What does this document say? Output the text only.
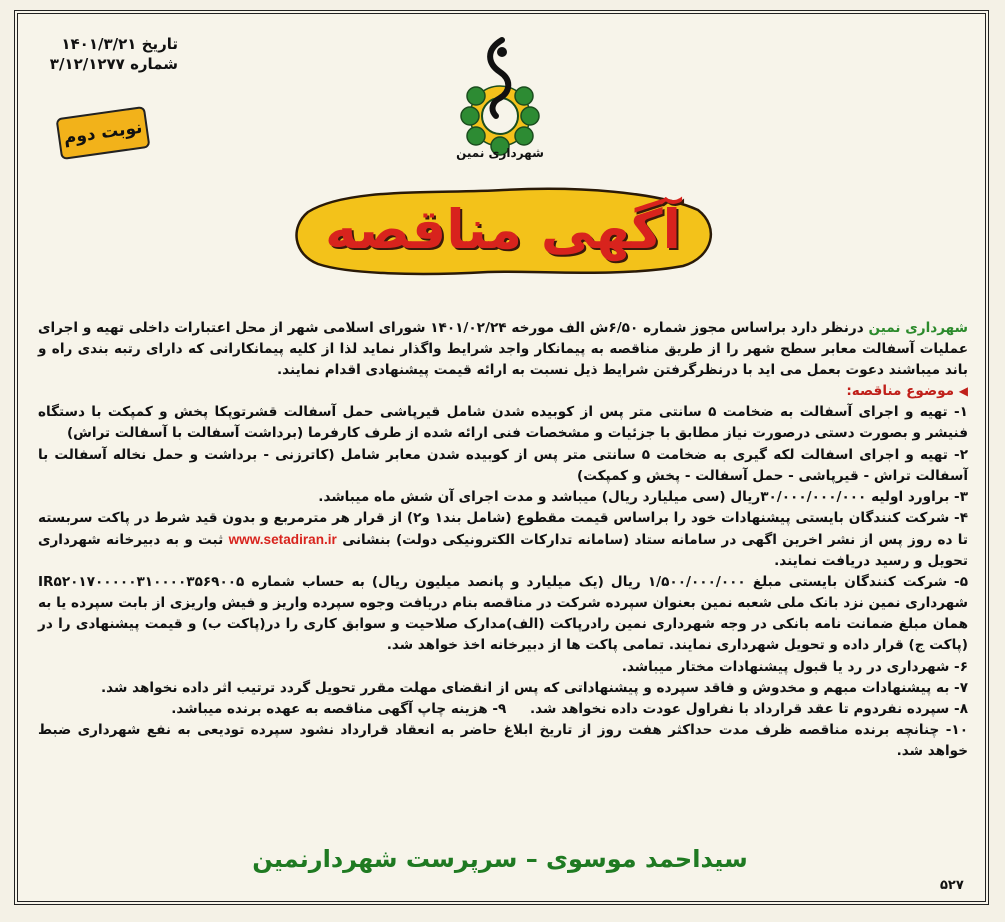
تاریخ ۱۴۰۱/۳/۲۱
شماره ۳/۱۲/۱۲۷۷
نوبت دوم
شهرداری نمین
آگهی مناقصه

شهرداری نمین درنظر دارد براساس مجوز شماره ۶/۵۰ش الف مورخه ۱۴۰۱/۰۲/۲۴ شورای اسلامی شهر از محل اعتبارات داخلی تهیه و اجرای عملیات آسفالت معابر سطح شهر را از طریق مناقصه به پیمانکار واجد شرایط واگذار نماید لذا از کلیه پیمانکارانی که دارای رتبه بندی راه و باند میباشند دعوت بعمل می اید با درنظرگرفتن شرایط ذیل نسبت به ارائه قیمت پیشنهادی اقدام نمایند.

◀ موضوع مناقصه:

۱- تهیه و اجرای آسفالت به ضخامت ۵ سانتی متر پس از کوبیده شدن شامل قیرپاشی حمل آسفالت قشرتوپکا پخش و کمپکت با دستگاه فنیشر و بصورت دستی درصورت نیاز مطابق با جزئیات و مشخصات فنی ارائه شده از طرف کارفرما (برداشت آسفالت با آسفالت تراش)

۲- تهیه و اجرای اسفالت لکه گیری به ضخامت ۵ سانتی متر پس از کوبیده شدن معابر شامل (کاترزنی - برداشت و حمل نخاله آسفالت با آسفالت تراش - قیرپاشی - حمل آسفالت - پخش و کمپکت)

۳- براورد اولیه ۳۰/۰۰۰/۰۰۰/۰۰۰ریال (سی میلیارد ریال) میباشد و مدت اجرای آن شش ماه میباشد.

۴- شرکت کنندگان بایستی پیشنهادات خود را براساس قیمت مقطوع (شامل بند۱ و۲) از قرار هر مترمربع و بدون قید شرط در پاکت سربسته تا ده روز پس از نشر اخرین اگهی در سامانه ستاد (سامانه تدارکات الکترونیکی دولت) بنشانی www.setadiran.ir ثبت و به دبیرخانه شهرداری تحویل و رسید دریافت نمایند.

۵- شرکت کنندگان بایستی مبلغ ۱/۵۰۰/۰۰۰/۰۰۰ ریال (یک میلیارد و پانصد میلیون ریال) به حساب شماره IR۵۲۰۱۷۰۰۰۰۰۳۱۰۰۰۰۳۵۶۹۰۰۵ شهرداری نمین نزد بانک ملی شعبه نمین بعنوان سپرده شرکت در مناقصه بنام دریافت وجوه سپرده واریز و فیش واریزی از بابت سپرده یا به همان مبلغ ضمانت نامه بانکی در وجه شهرداری نمین رادرپاکت (الف)مدارک صلاحیت و سوابق کاری را در(پاکت ب) و قیمت پیشنهادی را در (پاکت ج) قرار داده و تحویل شهرداری نمایند. تمامی پاکت ها از دبیرخانه اخذ خواهد شد.

۶- شهرداری در رد یا قبول پیشنهادات مختار میباشد.

۷- به پیشنهادات مبهم و مخدوش و فاقد سپرده و پیشنهاداتی که پس از انقضای مهلت مقرر تحویل گردد ترتیب اثر داده نخواهد شد.

۸- سپرده نفردوم تا عقد قرارداد با نفراول عودت داده نخواهد شد.     ۹- هزینه چاپ آگهی مناقصه به عهده برنده میباشد.

۱۰- چنانچه برنده مناقصه ظرف مدت حداکثر هفت روز از تاریخ ابلاغ حاضر به انعقاد قرارداد نشود سپرده تودیعی به نفع شهرداری ضبط خواهد شد.

سیداحمد موسوی – سرپرست شهردارنمین
۵۲۷
